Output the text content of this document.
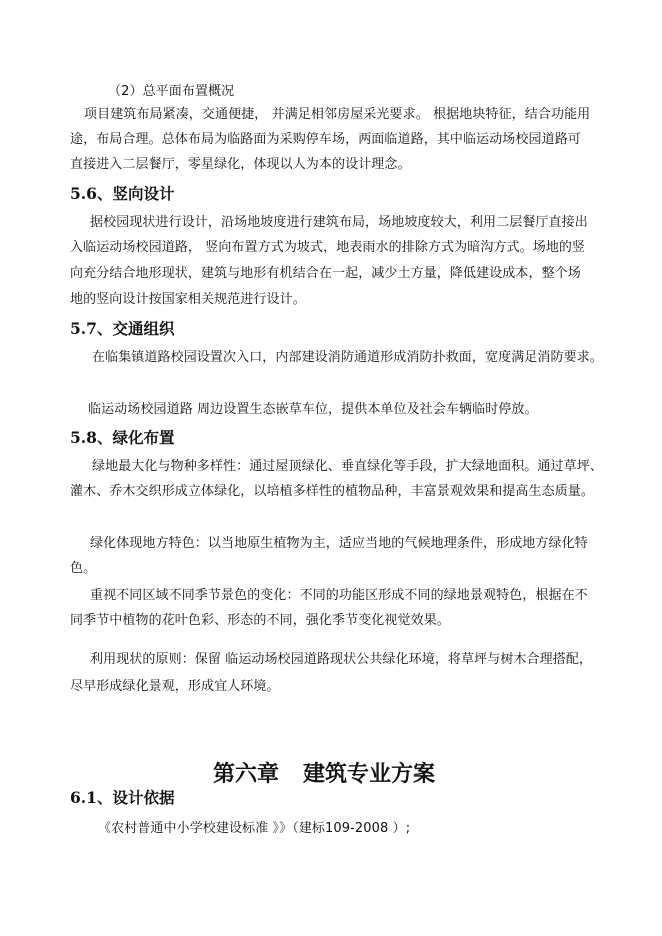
（2）总平面布置概况
项目建筑布局紧凑，交通便捷， 并满足相邻房屋采光要求。 根据地块特征，结合功能用
途，布局合理。总体布局为临路面为采购停车场，两面临道路，其中临运动场校园道路可
直接进入二层餐厅，零星绿化，体现以人为本的设计理念。
5.6、竖向设计
据校园现状进行设计，沿场地坡度进行建筑布局，场地坡度较大，利用二层餐厅直接出
入临运动场校园道路， 竖向布置方式为坡式，地表雨水的排除方式为暗沟方式。场地的竖
向充分结合地形现状，建筑与地形有机结合在一起，减少土方量，降低建设成本，整个场
地的竖向设计按国家相关规范进行设计。
5.7、交通组织
在临集镇道路校园设置次入口，内部建设消防通道形成消防扑救面，宽度满足消防要求。
临运动场校园道路 周边设置生态嵌草车位，提供本单位及社会车辆临时停放。
5.8、绿化布置
绿地最大化与物种多样性：通过屋顶绿化、垂直绿化等手段，扩大绿地面积。通过草坪、
灌木、乔木交织形成立体绿化，以培植多样性的植物品种，丰富景观效果和提高生态质量。
绿化体现地方特色：以当地原生植物为主，适应当地的气候地理条件，形成地方绿化特
色。
重视不同区域不同季节景色的变化：不同的功能区形成不同的绿地景观特色，根据在不
同季节中植物的花叶色彩、形态的不同，强化季节变化视觉效果。
利用现状的原则：保留 临运动场校园道路现状公共绿化环境，将草坪与树木合理搭配，
尽早形成绿化景观，形成宜人环境。
第六章 建筑专业方案
6.1、设计依据
《农村普通中小学校建设标准 》》（建标109-2008 ）;
